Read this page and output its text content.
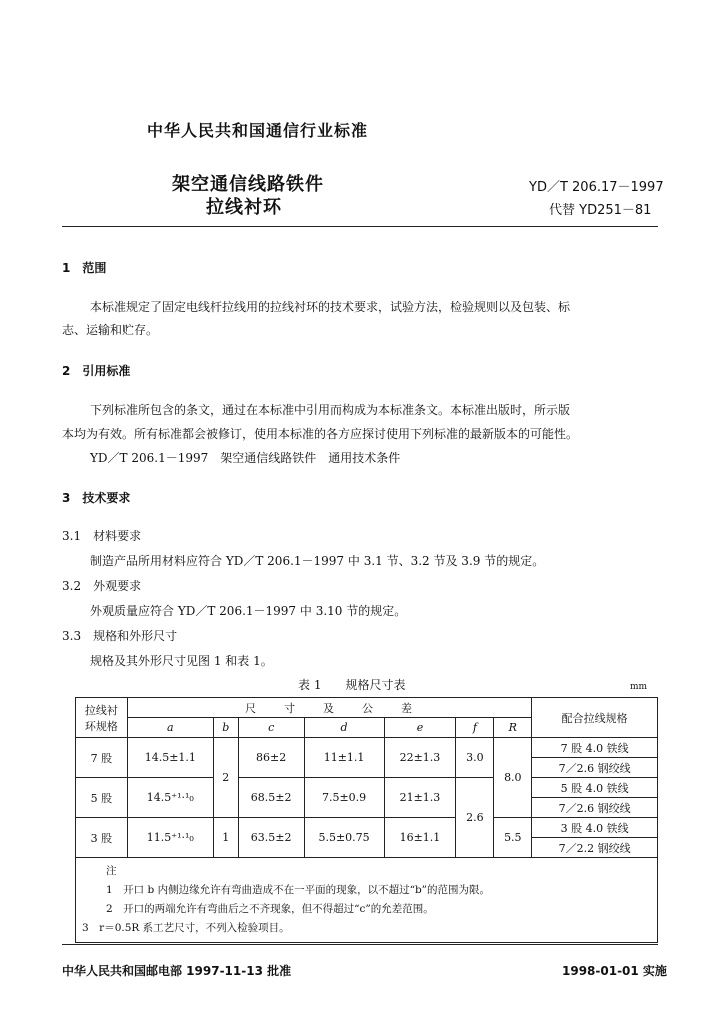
中华人民共和国通信行业标准
架空通信线路铁件
拉线衬环
YD／T 206.17－1997
代替 YD251－81
1　范围
本标准规定了固定电线杆拉线用的拉线衬环的技术要求，试验方法，检验规则以及包装、标
志、运输和贮存。
2　引用标准
下列标准所包含的条文，通过在本标准中引用而构成为本标准条文。本标准出版时，所示版
本均为有效。所有标准都会被修订，使用本标准的各方应探讨使用下列标准的最新版本的可能性。
YD／T 206.1－1997　架空通信线路铁件　通用技术条件
3　技术要求
3.1　材料要求
制造产品所用材料应符合 YD／T 206.1－1997 中 3.1 节、3.2 节及 3.9 节的规定。
3.2　外观要求
外观质量应符合 YD／T 206.1－1997 中 3.10 节的规定。
3.3　规格和外形尺寸
规格及其外形尺寸见图 1 和表 1。
表 1　　规格尺寸表	mm
拉线衬
环规格	尺　　寸　　及　　公　　差							配合拉线规格
	a	b	c	d	e	f	R	
7 股	14.5±1.1	2	86±2	11±1.1	22±1.3	3.0	8.0	7 股 4.0 铁线
								7／2.6 钢绞线
5 股	14.5⁺¹·¹₀		68.5±2	7.5±0.9	21±1.3	2.6		5 股 4.0 铁线
								7／2.6 钢绞线
3 股	11.5⁺¹·¹₀	1	63.5±2	5.5±0.75	16±1.1		5.5	3 股 4.0 铁线
								7／2.2 钢绞线

注
1　开口 b 内侧边缘允许有弯曲造成不在一平面的现象，以不超过“b”的范围为限。
2　开口的两端允许有弯曲后之不齐现象，但不得超过“c”的允差范围。
3　r＝0.5R 系工艺尺寸，不列入检验项目。								
中华人民共和国邮电部 1997-11-13 批准	1998-01-01 实施
